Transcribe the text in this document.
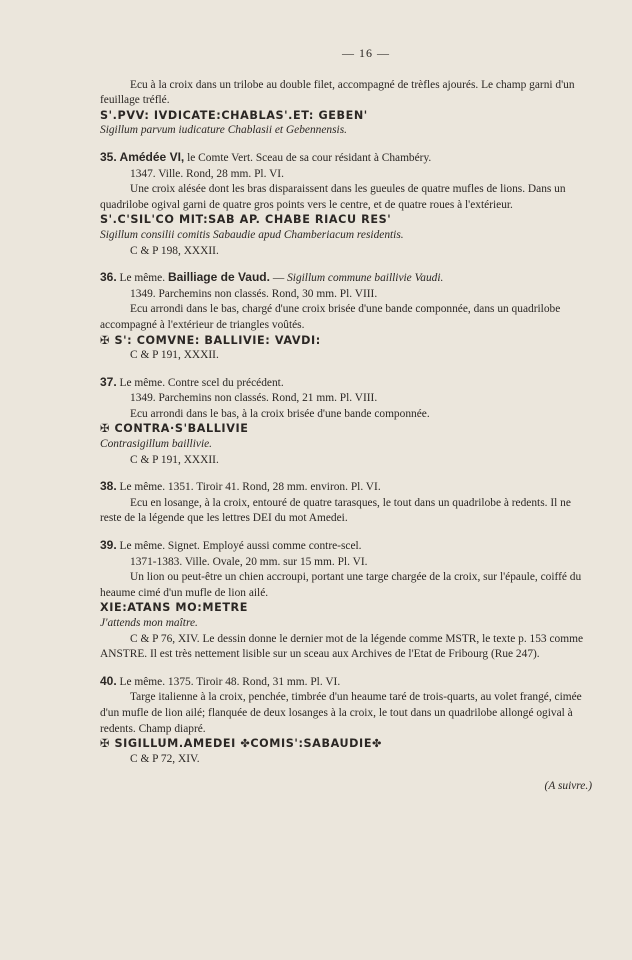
— 16 —

Ecu à la croix dans un trilobe au double filet, accompagné de trèfles ajourés. Le champ garni d'un feuillage tréflé.

S'.PVV: IVDICATE:CHABLAS'.ET: GEBEN'

Sigillum parvum iudicature Chablasii et Gebennensis.

35. Amédée VI, le Comte Vert. Sceau de sa cour résidant à Chambéry.

1347. Ville. Rond, 28 mm. Pl. VI.

Une croix alésée dont les bras disparaissent dans les gueules de quatre mufles de lions. Dans un quadrilobe ogival garni de quatre gros points vers le centre, et de quatre roues à l'extérieur.

S'.C'SIL'CO MIT:SAB AP. CHABE RIACU RES'

Sigillum consilii comitis Sabaudie apud Chamberiacum residentis.

C & P 198, XXXII.

36. Le même. Bailliage de Vaud. — Sigillum commune baillivie Vaudi.

1349. Parchemins non classés. Rond, 30 mm. Pl. VIII.

Ecu arrondi dans le bas, chargé d'une croix brisée d'une bande componnée, dans un quadrilobe accompagné à l'extérieur de triangles voûtés.

✠ S': COMVNE: BALLIVIE: VAVDI:

C & P 191, XXXII.

37. Le même. Contre scel du précédent.

1349. Parchemins non classés. Rond, 21 mm. Pl. VIII.

Ecu arrondi dans le bas, à la croix brisée d'une bande componnée.

✠ CONTRA·S'BALLIVIE

Contrasigillum baillivie.

C & P 191, XXXII.

38. Le même. 1351. Tiroir 41. Rond, 28 mm. environ. Pl. VI.

Ecu en losange, à la croix, entouré de quatre tarasques, le tout dans un quadrilobe à redents. Il ne reste de la légende que les lettres DEI du mot Amedei.

39. Le même. Signet. Employé aussi comme contre-scel.

1371-1383. Ville. Ovale, 20 mm. sur 15 mm. Pl. VI.

Un lion ou peut-être un chien accroupi, portant une targe chargée de la croix, sur l'épaule, coiffé du heaume cimé d'un mufle de lion ailé.

XIE:ATANS MO:METRE

J'attends mon maître.

C & P 76, XIV. Le dessin donne le dernier mot de la légende comme MSTR, le texte p. 153 comme ANSTRE. Il est très nettement lisible sur un sceau aux Archives de l'Etat de Fribourg (Rue 247).

40. Le même. 1375. Tiroir 48. Rond, 31 mm. Pl. VI.

Targe italienne à la croix, penchée, timbrée d'un heaume taré de trois-quarts, au volet frangé, cimée d'un mufle de lion ailé; flanquée de deux losanges à la croix, le tout dans un quadrilobe allongé ogival à redents. Champ diapré.

✠ SIGILLUM.AMEDEI ✤COMIS':SABAUDIE✤

C & P 72, XIV.

(A suivre.)
